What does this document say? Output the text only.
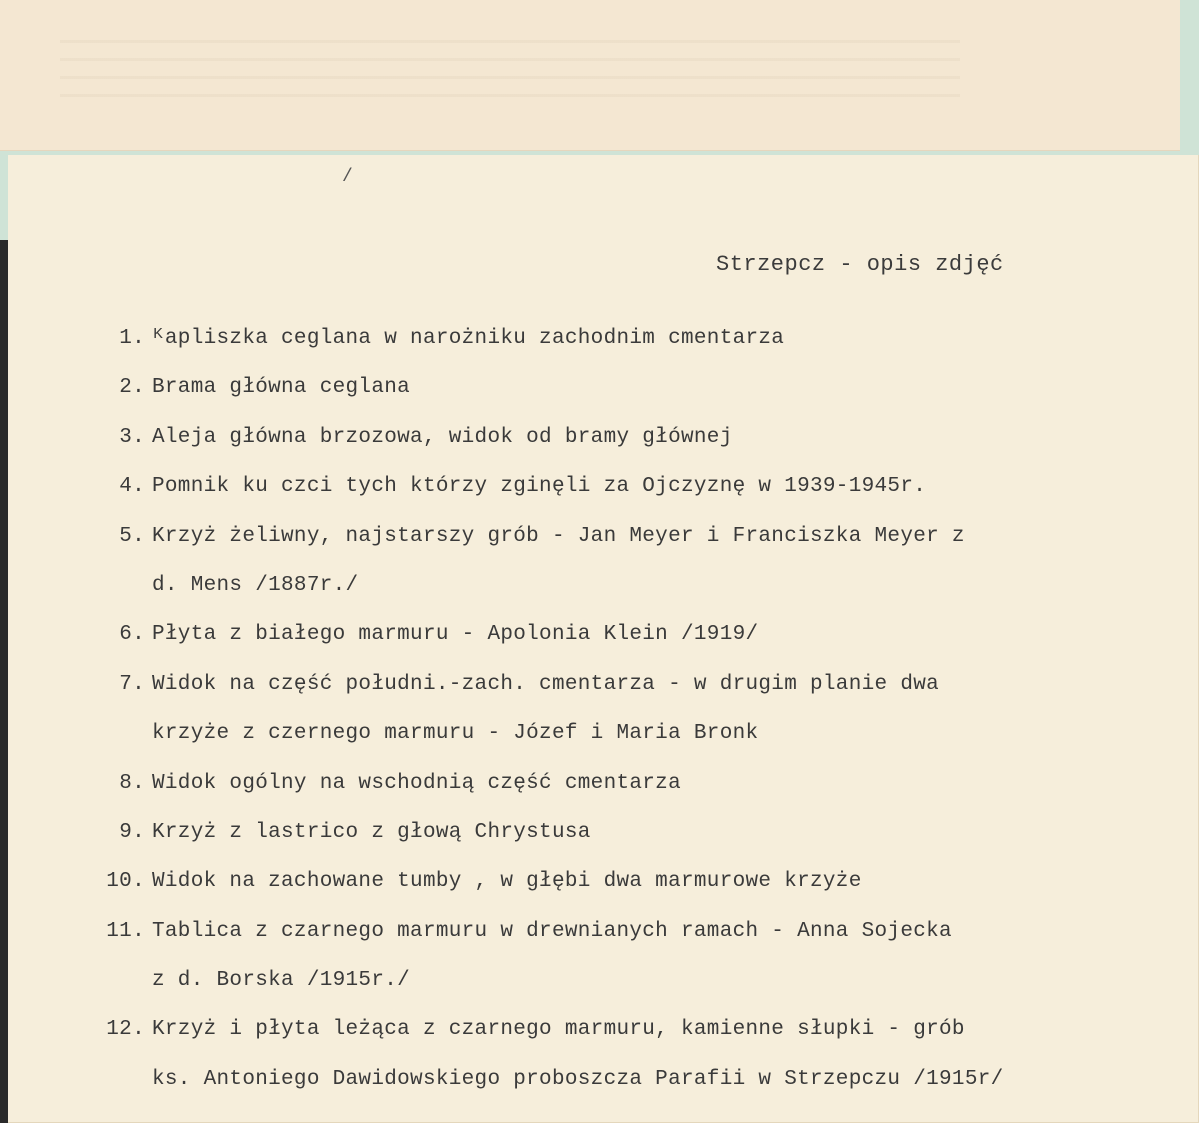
Strzepcz - opis zdjęć
/
1. ᴷapliszka ceglana w narożniku zachodnim cmentarza
2. Brama główna ceglana
3. Aleja główna brzozowa, widok od bramy głównej
4. Pomnik ku czci tych którzy zginęli za Ojczyznę w 1939-1945r.
5. Krzyż żeliwny, najstarszy grób - Jan Meyer i Franciszka Meyer z
d. Mens /1887r./
6. Płyta z białego marmuru - Apolonia Klein /1919/
7. Widok na część południ.-zach. cmentarza - w drugim planie dwa
krzyże z czernego marmuru - Józef i Maria Bronk
8. Widok ogólny na wschodnią część cmentarza
9. Krzyż z lastrico z głową Chrystusa
10. Widok na zachowane tumby , w głębi dwa marmurowe krzyże
11. Tablica z czarnego marmuru w drewnianych ramach - Anna Sojecka
z d. Borska /1915r./
12. Krzyż i płyta leżąca z czarnego marmuru, kamienne słupki - grób
ks. Antoniego Dawidowskiego proboszcza Parafii w Strzepczu /1915r/
